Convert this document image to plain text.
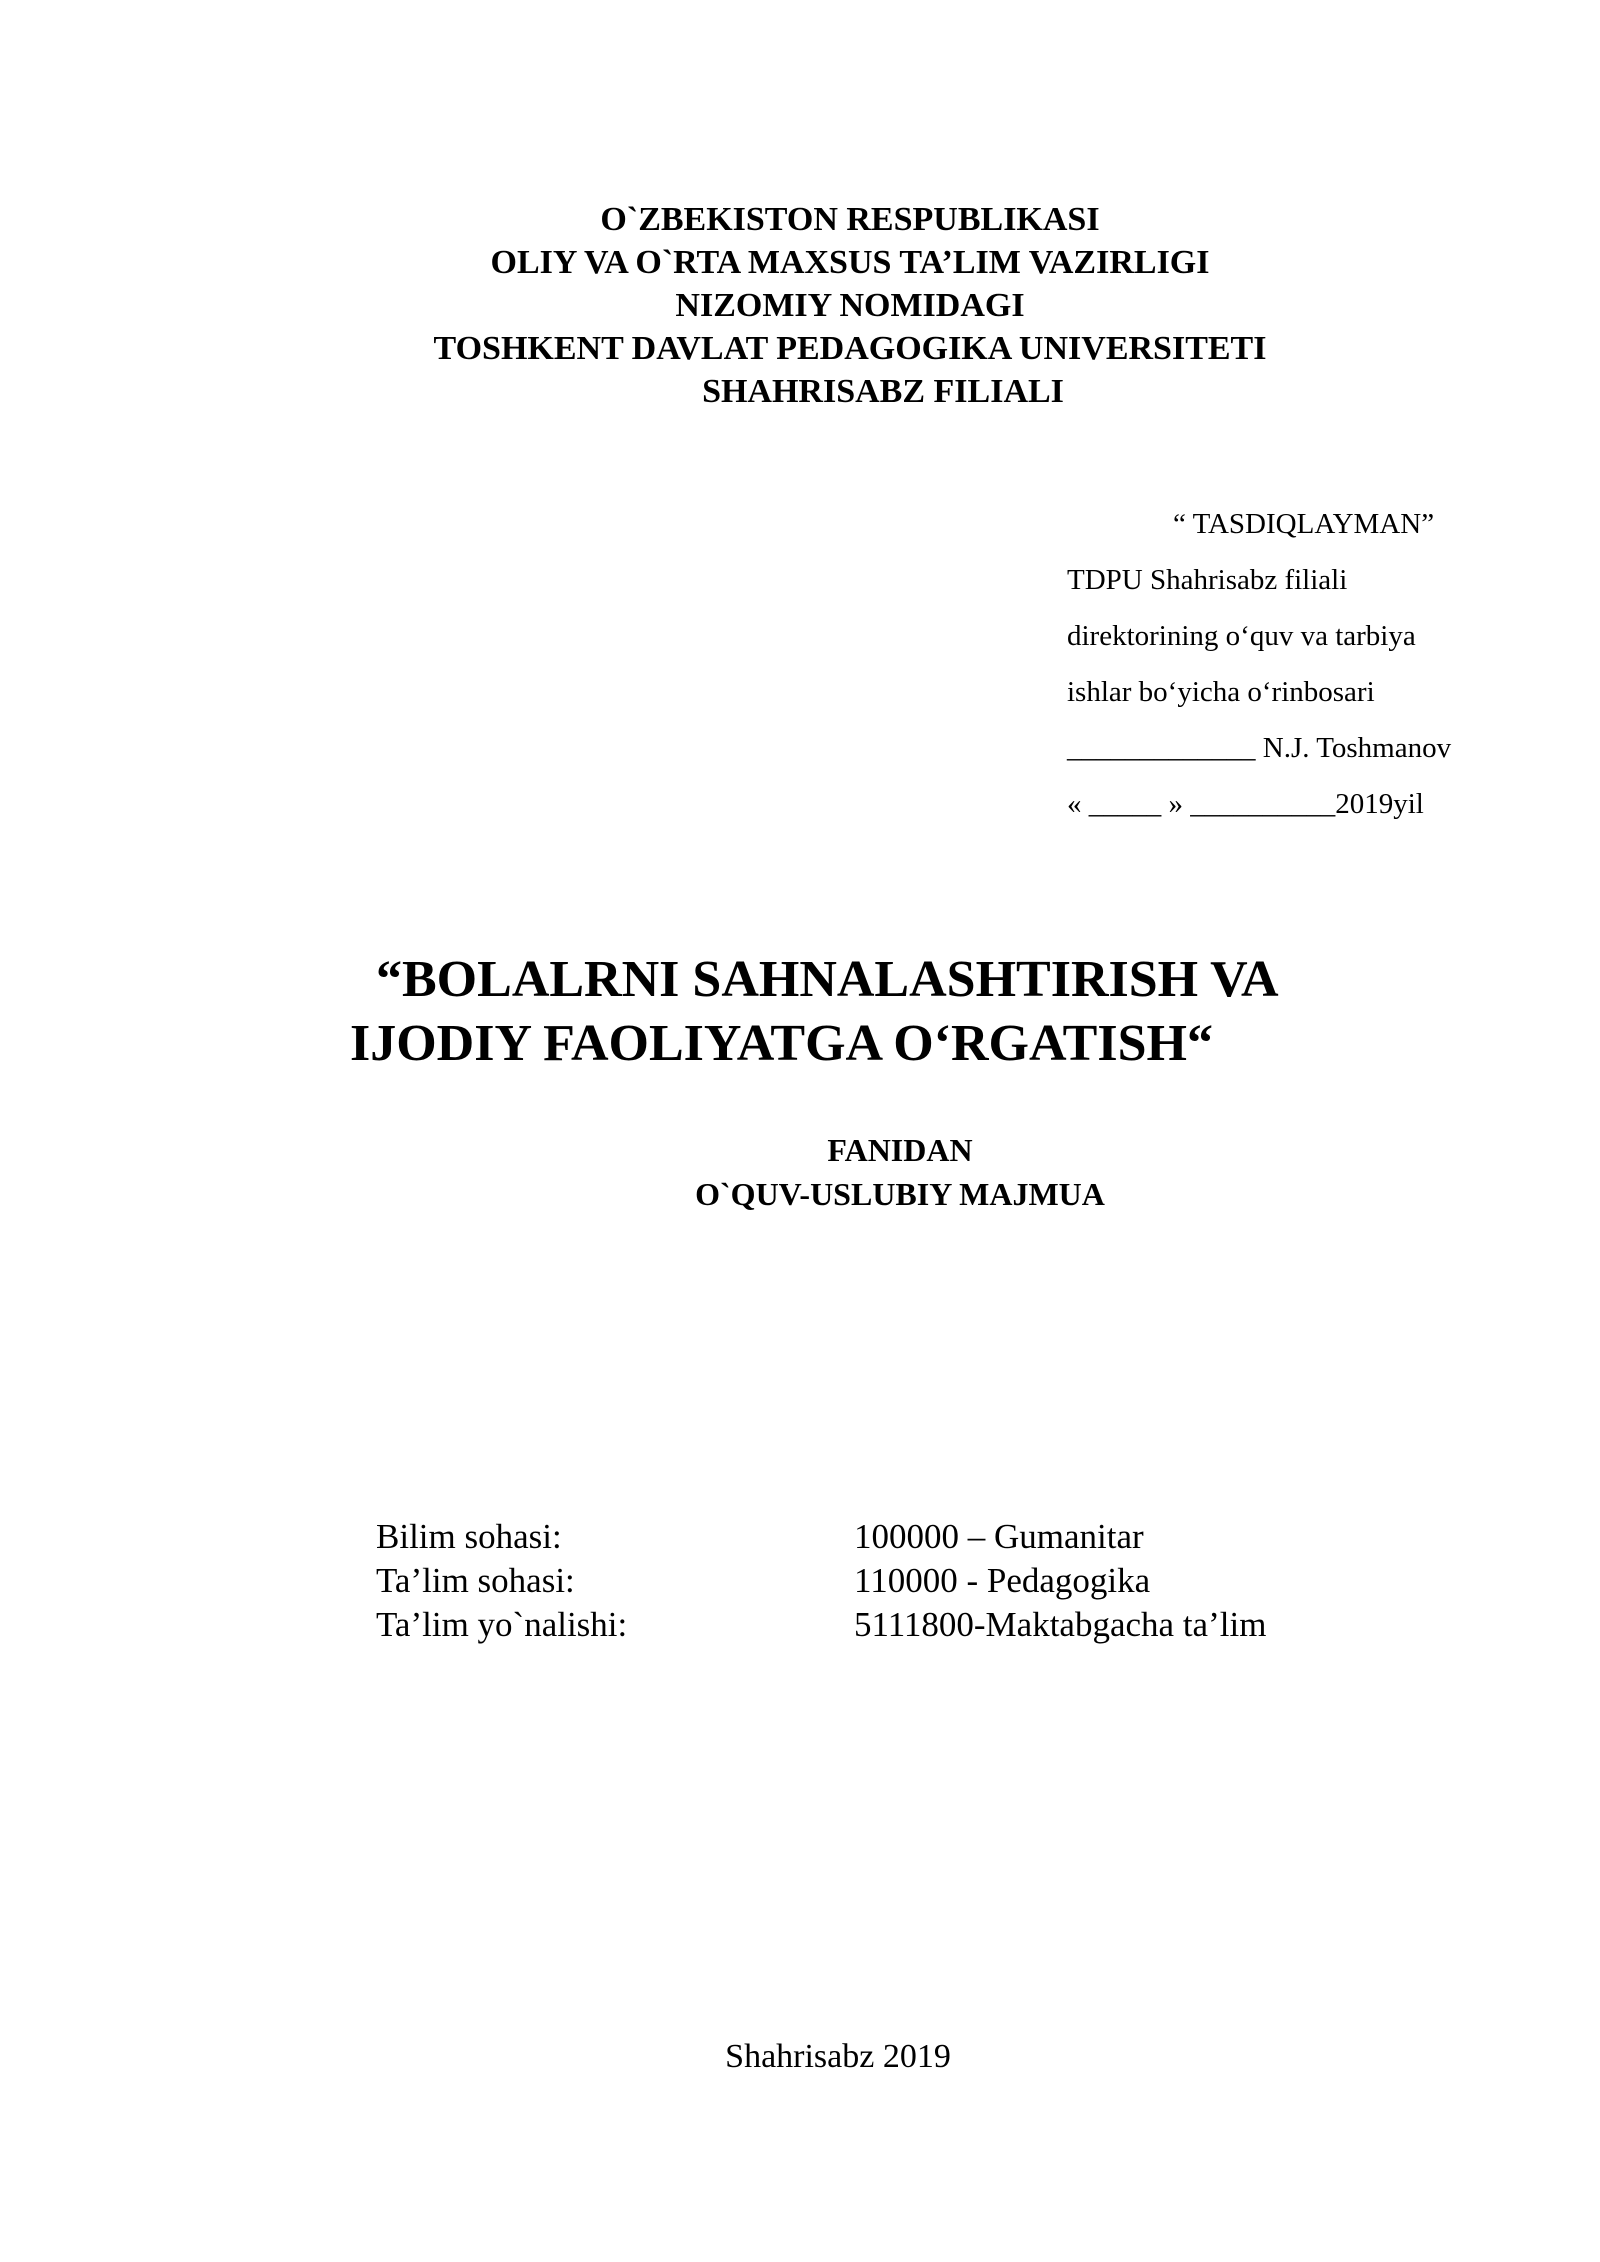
O`ZBEKISTON RESPUBLIKASI
OLIY VA O`RTA MAXSUS TA’LIM VAZIRLIGI
NIZOMIY NOMIDAGI
TOSHKENT DAVLAT PEDAGOGIKA UNIVERSITETI
SHAHRISABZ FILIALI
“ TASDIQLAYMAN”
TDPU Shahrisabz filiali
direktorining o‘quv va tarbiya
ishlar bo‘yicha o‘rinbosari
_____________ N.J. Toshmanov
« _____ » __________2019yil
“BOLALRNI SAHNALASHTIRISH VA
IJODIY FAOLIYATGA O‘RGATISH“
FANIDAN
O`QUV-USLUBIY MAJMUA
Bilim sohasi:	100000 – Gumanitar
Ta’lim sohasi:	110000 - Pedagogika
Ta’lim yo`nalishi:	5111800-Maktabgacha ta’lim
Shahrisabz 2019
